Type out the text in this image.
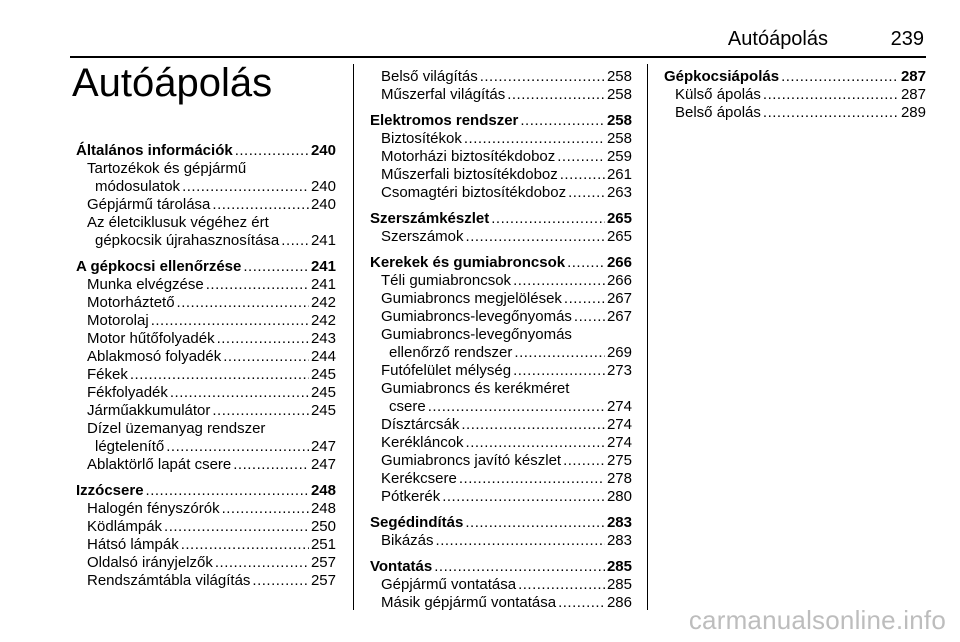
Autóápolás	239
Autóápolás
Általános információk .....	240
Tartozékok és gépjármű
módosulatok .....	240
Gépjármű tárolása .....	240
Az életciklusuk végéhez ért
gépkocsik újrahasznosítása ..... 241
A gépkocsi ellenőrzése .....	241
Munka elvégzése .....	241
Motorháztető .....	242
Motorolaj .....	242
Motor hűtőfolyadék .....	243
Ablakmosó folyadék .....	244
Fékek .....	245
Fékfolyadék .....	245
Járműakkumulátor .....	245
Dízel üzemanyag rendszer
légtelenítő .....	247
Ablaktörlő lapát csere .....	247
Izzócsere .....	248
Halogén fényszórók .....	248
Ködlámpák .....	250
Hátsó lámpák .....	251
Oldalsó irányjelzők .....	257
Rendszámtábla világítás .....	257
Belső világítás .....	258
Műszerfal világítás .....	258
Elektromos rendszer .....	258
Biztosítékok .....	258
Motorházi biztosítékdoboz .....	259
Műszerfali biztosítékdoboz .....	261
Csomagtéri biztosítékdoboz .....	263
Szerszámkészlet .....	265
Szerszámok .....	265
Kerekek és gumiabroncsok .....	266
Téli gumiabroncsok .....	266
Gumiabroncs megjelölések .....	267
Gumiabroncs-levegőnyomás ..... 267
Gumiabroncs-levegőnyomás
ellenőrző rendszer .....	269
Futófelület mélység .....	273
Gumiabroncs és kerékméret
csere .....	274
Dísztárcsák .....	274
Kerékláncok .....	274
Gumiabroncs javító készlet .....	275
Kerékcsere .....	278
Pótkerék .....	280
Segédindítás .....	283
Bikázás .....	283
Vontatás .....	285
Gépjármű vontatása .....	285
Másik gépjármű vontatása .....	286
Gépkocsiápolás .....	287
Külső ápolás .....	287
Belső ápolás .....	289
carmanualsonline.info
